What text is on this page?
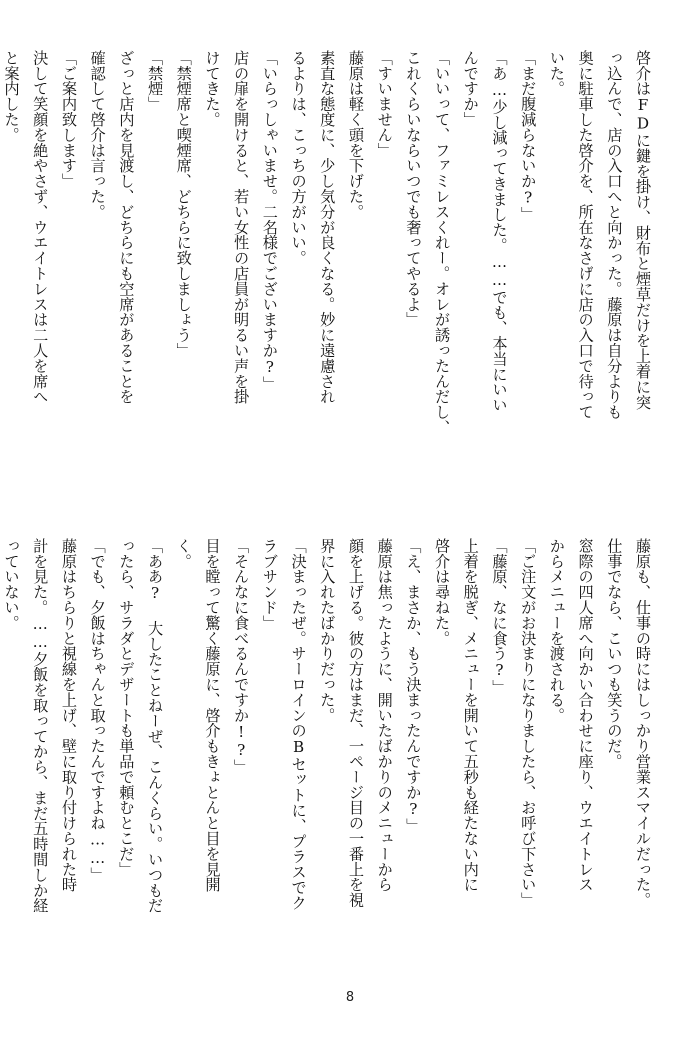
啓介はFDに鍵を掛け、財布と煙草だけを上着に突
っ込んで、店の入口へと向かった。藤原は自分よりも
奥に駐車した啓介を、所在なさげに店の入口で待って
いた。
「まだ腹減らないか?」
「あ…少し減ってきました。……でも、本当にいい
んですか」
「いいって、ファミレスくれー。オレが誘ったんだし、
これくらいならいつでも奢ってやるよ」
「すいません」
藤原は軽く頭を下げた。
素直な態度に、少し気分が良くなる。妙に遠慮され
るよりは、こっちの方がいい。
「いらっしゃいませ。二名様でございますか?」
店の扉を開けると、若い女性の店員が明るい声を掛
けてきた。
「禁煙席と喫煙席、どちらに致しましょう」
「禁煙」
ざっと店内を見渡し、どちらにも空席があることを
確認して啓介は言った。
「ご案内致します」
決して笑顔を絶やさず、ウエイトレスは二人を席へ
と案内した。
藤原も、仕事の時にはしっかり営業スマイルだった。
仕事でなら、こいつも笑うのだ。
窓際の四人席へ向かい合わせに座り、ウエイトレス
からメニューを渡される。
「ご注文がお決まりになりましたら、お呼び下さい」
「藤原、なに食う?」
上着を脱ぎ、メニューを開いて五秒も経たない内に
啓介は尋ねた。
「え、まさか、もう決まったんですか?」
藤原は焦ったように、開いたばかりのメニューから
顔を上げる。彼の方はまだ、一ページ目の一番上を視
界に入れたばかりだった。
「決まったぜ。サーロインのBセットに、プラスでク
ラブサンド」
「そんなに食べるんですか!?」
目を瞠って驚く藤原に、啓介もきょとんと目を見開
く。
「ああ? 大したことねーぜ、こんくらい。いつもだ
ったら、サラダとデザートも単品で頼むとこだ」
「でも、夕飯はちゃんと取ったんですよね……」
藤原はちらりと視線を上げ、壁に取り付けられた時
計を見た。……夕飯を取ってから、まだ五時間しか経
っていない。
8
